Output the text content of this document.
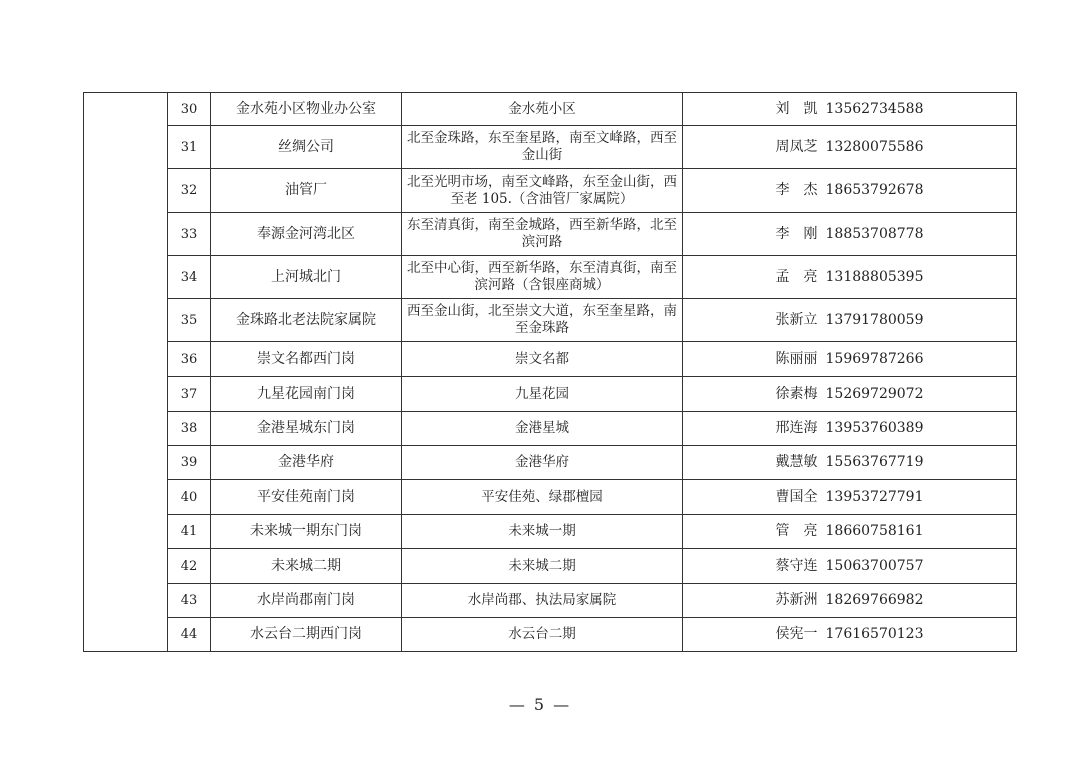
	30	金水苑小区物业办公室	金水苑小区	刘　凯 13562734588
	31	丝绸公司	北至金珠路，东至奎星路，南至文峰路，西至金山街	周凤芝 13280075586
	32	油管厂	北至光明市场，南至文峰路，东至金山街，西至老 105.（含油管厂家属院）	李　杰 18653792678
	33	奉源金河湾北区	东至清真街，南至金城路，西至新华路，北至滨河路	李　刚 18853708778
	34	上河城北门	北至中心街，西至新华路，东至清真街，南至滨河路（含银座商城）	孟　亮 13188805395
	35	金珠路北老法院家属院	西至金山街，北至崇文大道，东至奎星路，南至金珠路	张新立 13791780059
	36	崇文名都西门岗	崇文名都	陈丽丽 15969787266
	37	九星花园南门岗	九星花园	徐素梅 15269729072
	38	金港星城东门岗	金港星城	邢连海 13953760389
	39	金港华府	金港华府	戴慧敏 15563767719
	40	平安佳苑南门岗	平安佳苑、绿郡檀园	曹国全 13953727791
	41	未来城一期东门岗	未来城一期	管　亮 18660758161
	42	未来城二期	未来城二期	蔡守连 15063700757
	43	水岸尚郡南门岗	水岸尚郡、执法局家属院	苏新洲 18269766982
	44	水云台二期西门岗	水云台二期	侯宪一 17616570123
— 5 —
